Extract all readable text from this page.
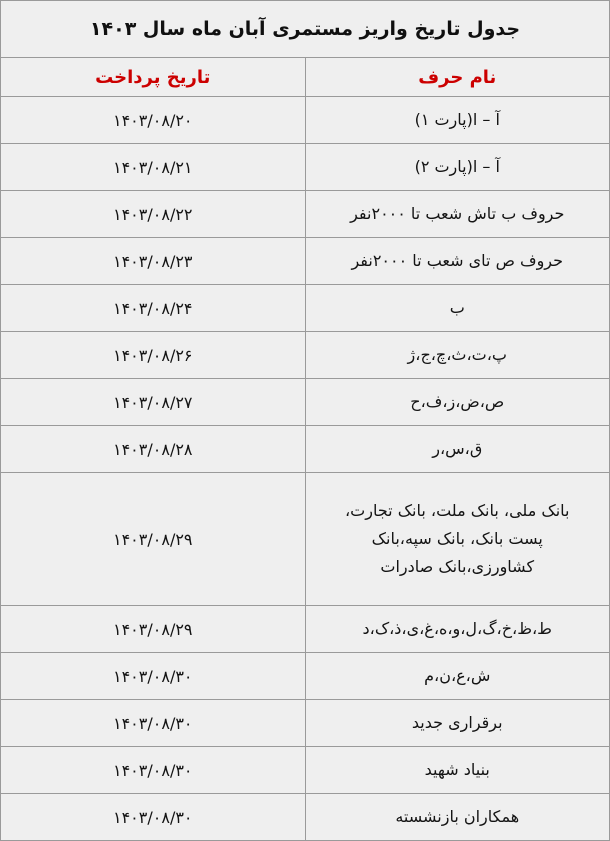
جدول تاریخ واریز مستمری آبان ماه سال ۱۴۰۳	
نام حرف	تاریخ پرداخت
آ – ا(پارت ۱)	۱۴۰۳/۰۸/۲۰
آ – ا(پارت ۲)	۱۴۰۳/۰۸/۲۱
حروف ب تاش شعب تا ۲۰۰۰نفر	۱۴۰۳/۰۸/۲۲
حروف ص تای شعب تا ۲۰۰۰نفر	۱۴۰۳/۰۸/۲۳
ب	۱۴۰۳/۰۸/۲۴
پ،ت،ث،چ،ج،ژ	۱۴۰۳/۰۸/۲۶
ص،ض،ز،ف،ح	۱۴۰۳/۰۸/۲۷
ق،س،ر	۱۴۰۳/۰۸/۲۸

بانک ملی، بانک ملت، بانک تجارت، پست بانک، بانک سپه،بانک کشاورزی،بانک صادرات	۱۴۰۳/۰۸/۲۹
ط،ظ،خ،گ،ل،و،ه،غ،ی،ذ،ک،د	۱۴۰۳/۰۸/۲۹
ش،ع،ن،م	۱۴۰۳/۰۸/۳۰
برقراری جدید	۱۴۰۳/۰۸/۳۰
بنیاد شهید	۱۴۰۳/۰۸/۳۰
همکاران بازنشسته	۱۴۰۳/۰۸/۳۰
